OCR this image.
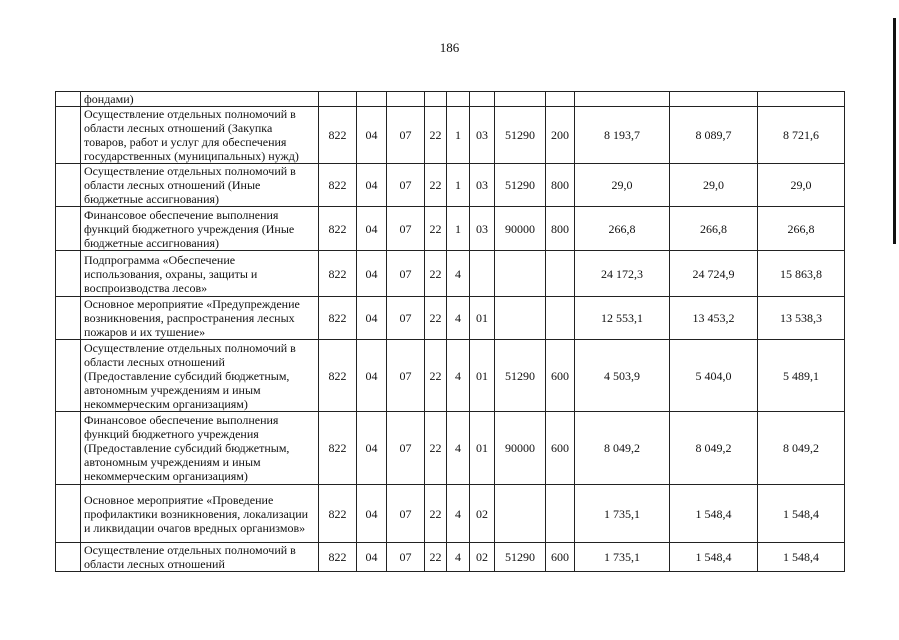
186
	фондами)											
	Осуществление отдельных полномочий в области лесных отношений (Закупка товаров, работ и услуг для обеспечения государственных (муниципальных) нужд)	822	04	07	22	1	03	51290	200	8 193,7	8 089,7	8 721,6
	Осуществление отдельных полномочий в области лесных отношений (Иные бюджетные ассигнования)	822	04	07	22	1	03	51290	800	29,0	29,0	29,0
	Финансовое обеспечение выполнения функций бюджетного учреждения (Иные бюджетные ассигнования)	822	04	07	22	1	03	90000	800	266,8	266,8	266,8
	Подпрограмма «Обеспечение использования, охраны, защиты и воспроизводства лесов»	822	04	07	22	4				24 172,3	24 724,9	15 863,8
	Основное мероприятие «Предупреждение возникновения, распространения лесных пожаров и их тушение»	822	04	07	22	4	01			12 553,1	13 453,2	13 538,3
	Осуществление отдельных полномочий в области лесных отношений (Предоставление субсидий бюджетным, автономным учреждениям и иным некоммерческим организациям)	822	04	07	22	4	01	51290	600	4 503,9	5 404,0	5 489,1
	Финансовое обеспечение выполнения функций бюджетного учреждения (Предоставление субсидий бюджетным, автономным учреждениям и иным некоммерческим организациям)	822	04	07	22	4	01	90000	600	8 049,2	8 049,2	8 049,2
	Основное мероприятие «Проведение профилактики возникновения, локализации и ликвидации очагов вредных организмов»	822	04	07	22	4	02			1 735,1	1 548,4	1 548,4
	Осуществление отдельных полномочий в области лесных отношений	822	04	07	22	4	02	51290	600	1 735,1	1 548,4	1 548,4
